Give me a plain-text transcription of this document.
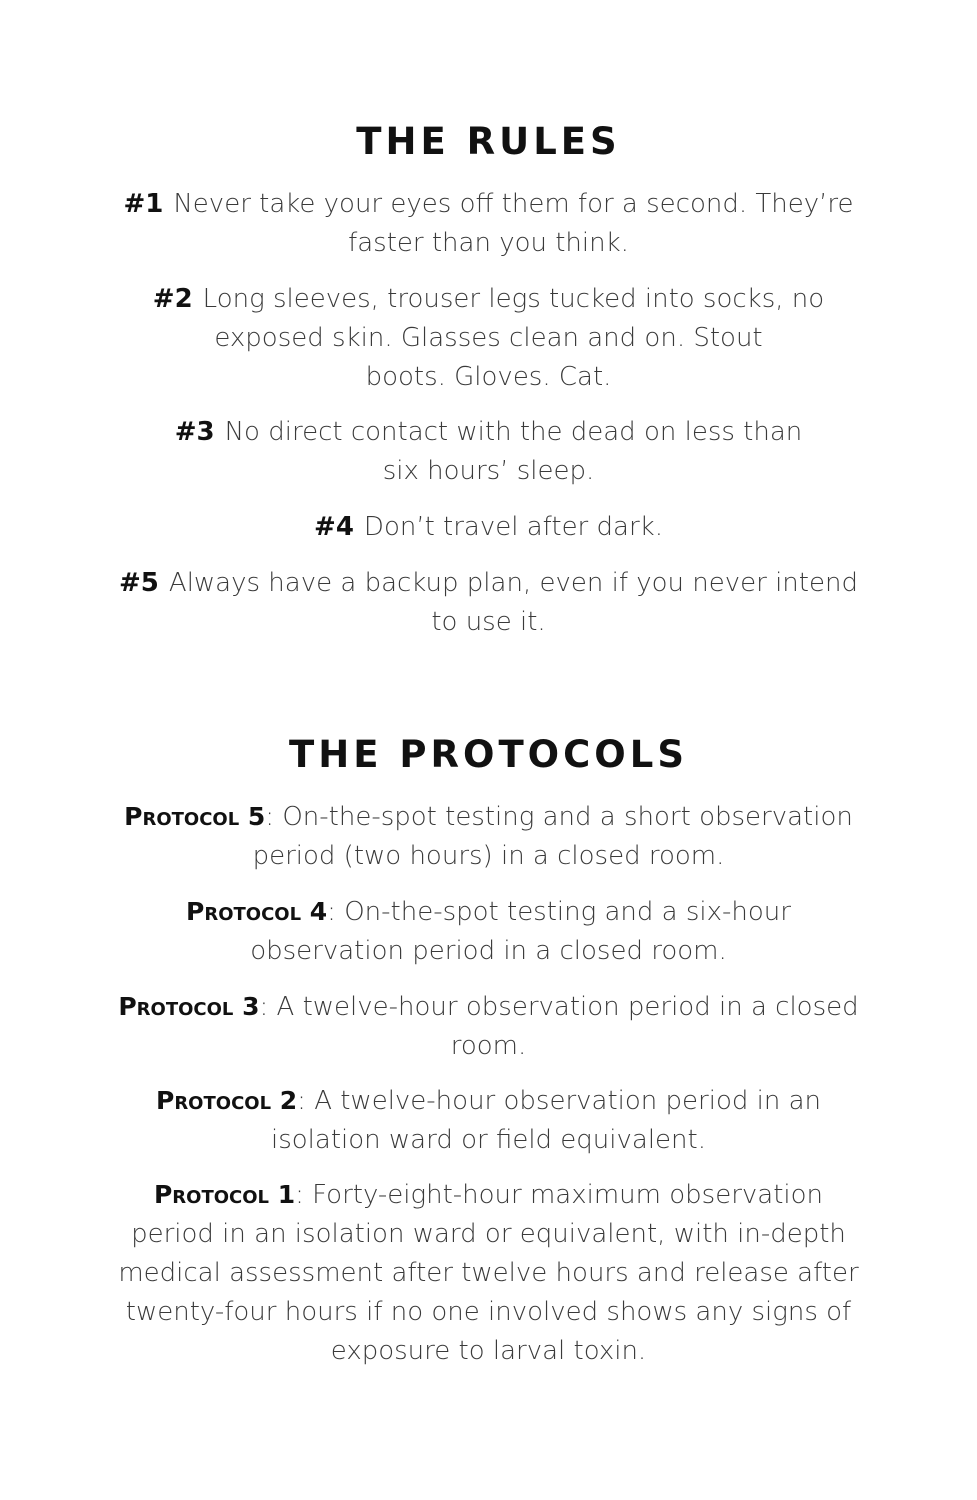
THE RULES
#1 Never take your eyes off them for a second. They’re
faster than you think.
#2 Long sleeves, trouser legs tucked into socks, no
exposed skin. Glasses clean and on. Stout
boots. Gloves. Cat.
#3 No direct contact with the dead on less than
six hours’ sleep.
#4 Don’t travel after dark.
#5 Always have a backup plan, even if you never intend
to use it.
THE PROTOCOLS
Protocol 5: On-the-spot testing and a short observation
period (two hours) in a closed room.
Protocol 4: On-the-spot testing and a six-hour
observation period in a closed room.
Protocol 3: A twelve-hour observation period in a closed
room.
Protocol 2: A twelve-hour observation period in an
isolation ward or field equivalent.
Protocol 1: Forty-eight-hour maximum observation
period in an isolation ward or equivalent, with in-depth
medical assessment after twelve hours and release after
twenty-four hours if no one involved shows any signs of
exposure to larval toxin.
